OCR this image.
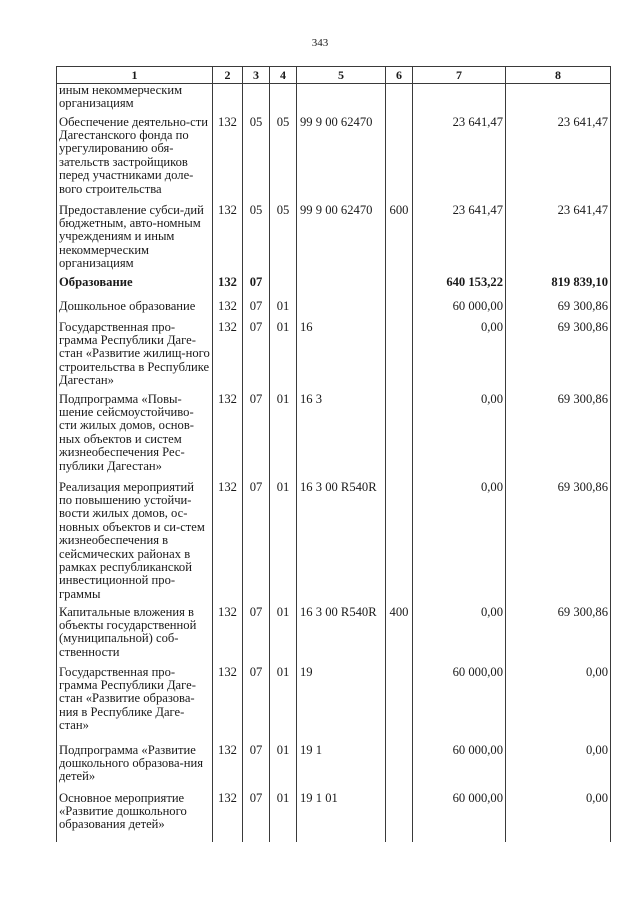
343
1	2	3	4	5	6	7	8
иным некоммерческим организациям							
Обеспечение деятельно-сти Дагестанского фонда по урегулированию обя-зательств застройщиков перед участниками доле-вого строительства	132	05	05	99 9 00 62470		23 641,47	23 641,47
Предоставление субси-дий бюджетным, авто-номным учреждениям и иным некоммерческим организациям	132	05	05	99 9 00 62470	600	23 641,47	23 641,47
Образование	132	07				640 153,22	819 839,10
Дошкольное образование	132	07	01			60 000,00	69 300,86
Государственная про-грамма Республики Даге-стан «Развитие жилищ-ного строительства в Республике Дагестан»	132	07	01	16		0,00	69 300,86
Подпрограмма «Повы-шение сейсмоустойчиво-сти жилых домов, основ-ных объектов и систем жизнеобеспечения Рес-публики Дагестан»	132	07	01	16 3		0,00	69 300,86
Реализация мероприятий по повышению устойчи-вости жилых домов, ос-новных объектов и си-стем жизнеобеспечения в сейсмических районах в рамках республиканской инвестиционной про-граммы	132	07	01	16 3 00 R540R		0,00	69 300,86
Капитальные вложения в объекты государственной (муниципальной) соб-ственности	132	07	01	16 3 00 R540R	400	0,00	69 300,86
Государственная про-грамма Республики Даге-стан «Развитие образова-ния в Республике Даге-стан»	132	07	01	19		60 000,00	0,00
Подпрограмма «Развитие дошкольного образова-ния детей»	132	07	01	19 1		60 000,00	0,00
Основное мероприятие «Развитие дошкольного образования детей»	132	07	01	19 1 01		60 000,00	0,00
